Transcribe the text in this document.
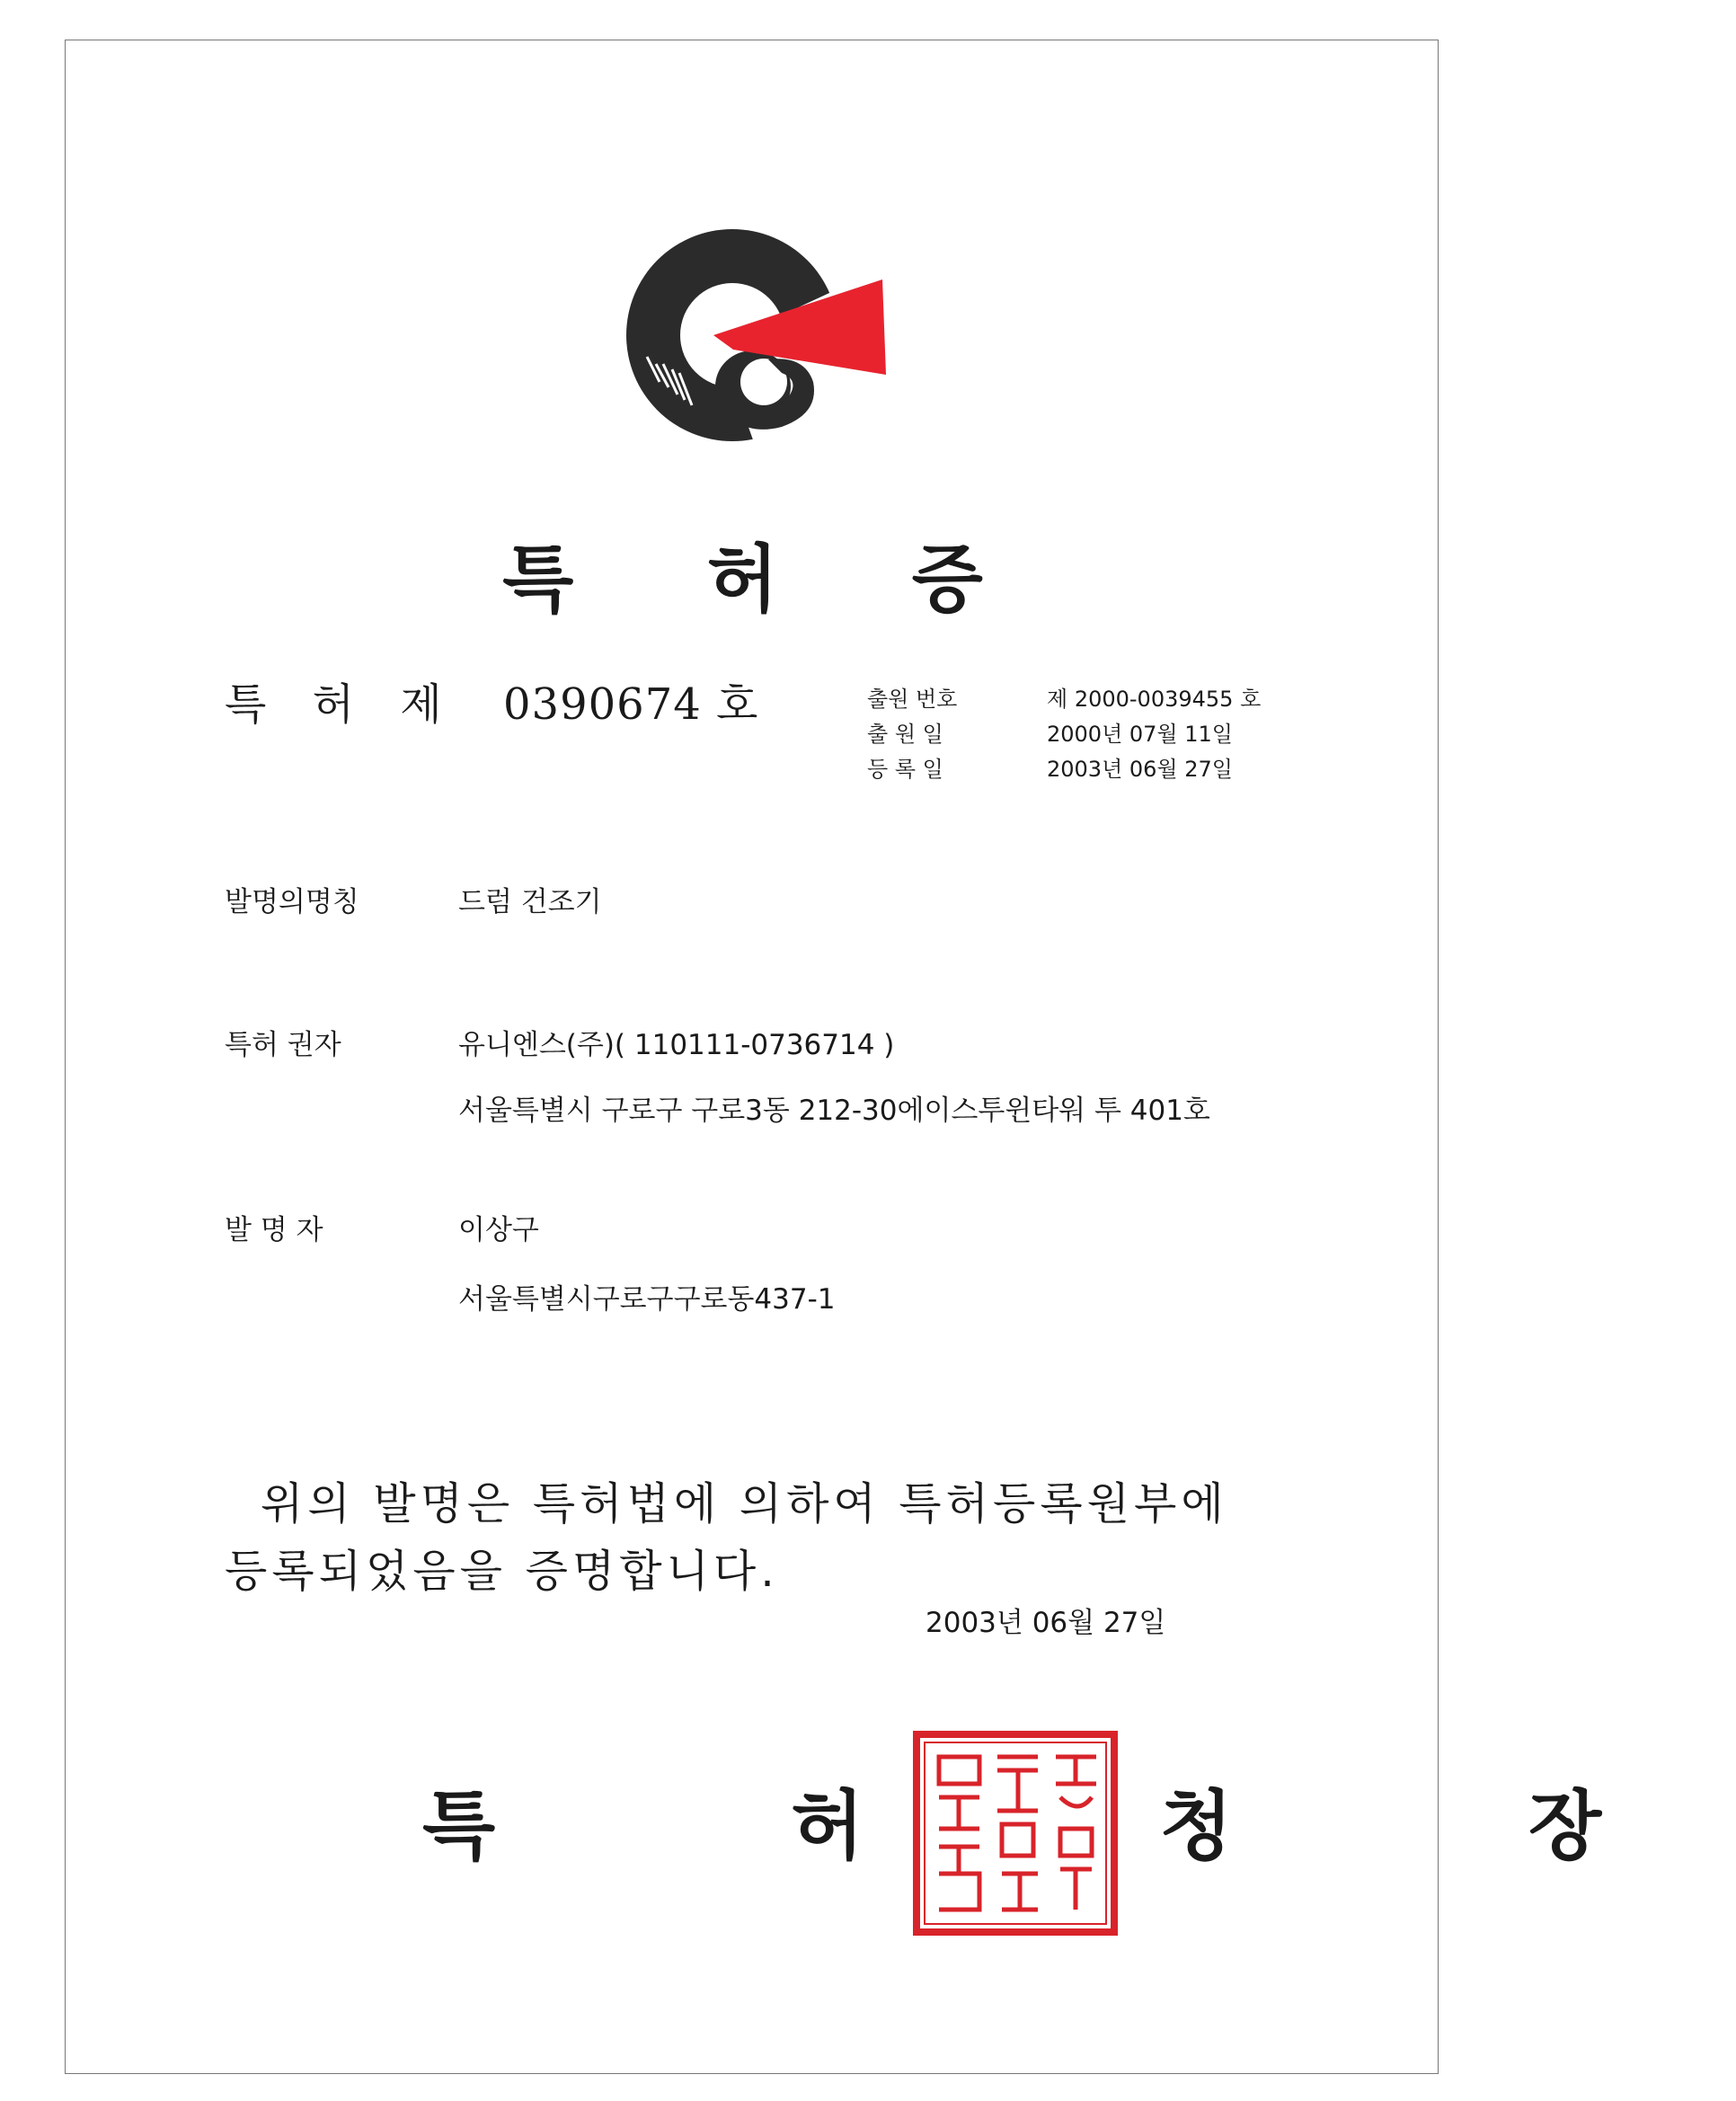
특 허 증
특 허 제 0390674 호	출원 번호	제 2000-0039455 호
출 원 일	2000년 07월 11일
등 록 일	2003년 06월 27일
발명의명칭	드럼 건조기
특허 권자	유니엔스(주)( 110111-0736714 )
서울특별시 구로구 구로3동 212-30에이스투윈타워 투 401호
발 명 자	이상구
서울특별시구로구구로동437-1
위의 발명은 특허법에 의하여 특허등록원부에
등록되었음을 증명합니다.
2003년 06월 27일
특 허 청 장
